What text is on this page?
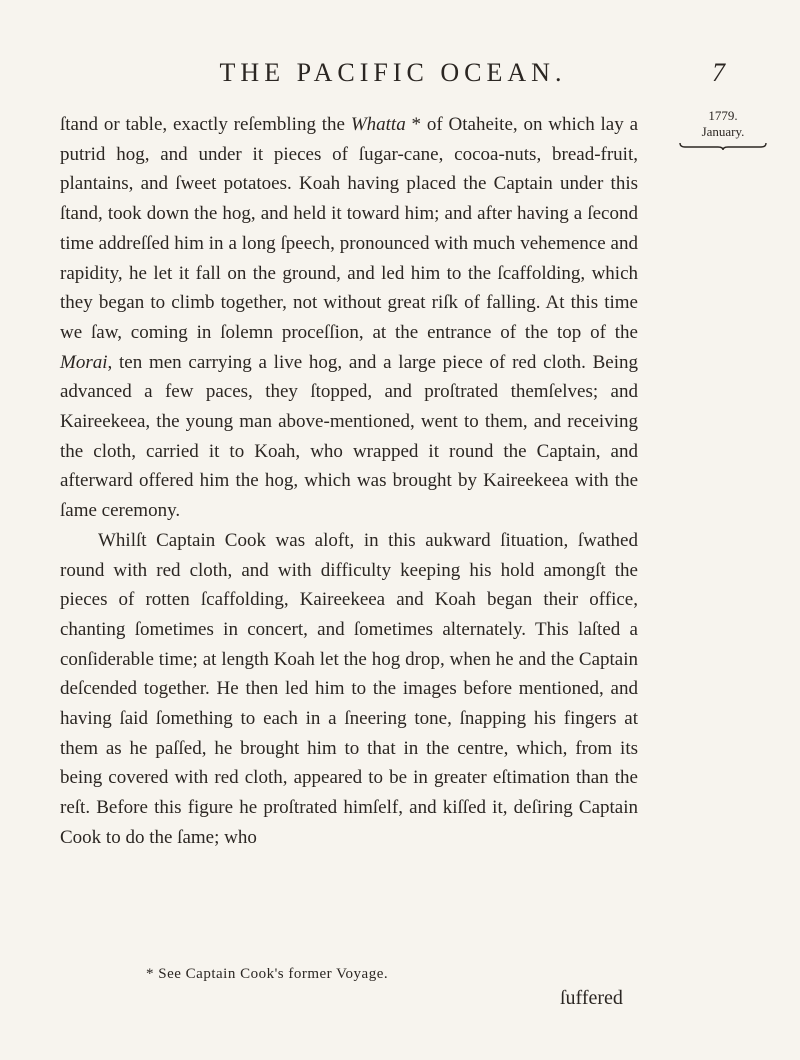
THE PACIFIC OCEAN.	7
1779.
January.

ſtand or table, exactly reſembling the Whatta * of Otaheite, on which lay a putrid hog, and under it pieces of ſugar-cane, cocoa-nuts, bread-fruit, plantains, and ſweet potatoes. Koah having placed the Captain under this ſtand, took down the hog, and held it toward him; and after having a ſecond time addreſſed him in a long ſpeech, pronounced with much vehemence and rapidity, he let it fall on the ground, and led him to the ſcaffolding, which they began to climb together, not without great riſk of falling. At this time we ſaw, coming in ſolemn proceſſion, at the entrance of the top of the Morai, ten men carrying a live hog, and a large piece of red cloth. Being advanced a few paces, they ſtopped, and proſtrated themſelves; and Kaireekeea, the young man above-mentioned, went to them, and receiving the cloth, carried it to Koah, who wrapped it round the Captain, and afterward offered him the hog, which was brought by Kaireekeea with the ſame ceremony.

Whilſt Captain Cook was aloft, in this aukward ſituation, ſwathed round with red cloth, and with difficulty keeping his hold amongſt the pieces of rotten ſcaffolding, Kaireekeea and Koah began their office, chanting ſometimes in concert, and ſometimes alternately. This laſted a conſiderable time; at length Koah let the hog drop, when he and the Captain deſcended together. He then led him to the images before mentioned, and having ſaid ſomething to each in a ſneering tone, ſnapping his fingers at them as he paſſed, he brought him to that in the centre, which, from its being covered with red cloth, appeared to be in greater eſtimation than the reſt. Before this figure he proſtrated himſelf, and kiſſed it, deſiring Captain Cook to do the ſame; who

* See Captain Cook's former Voyage.
ſuffered
